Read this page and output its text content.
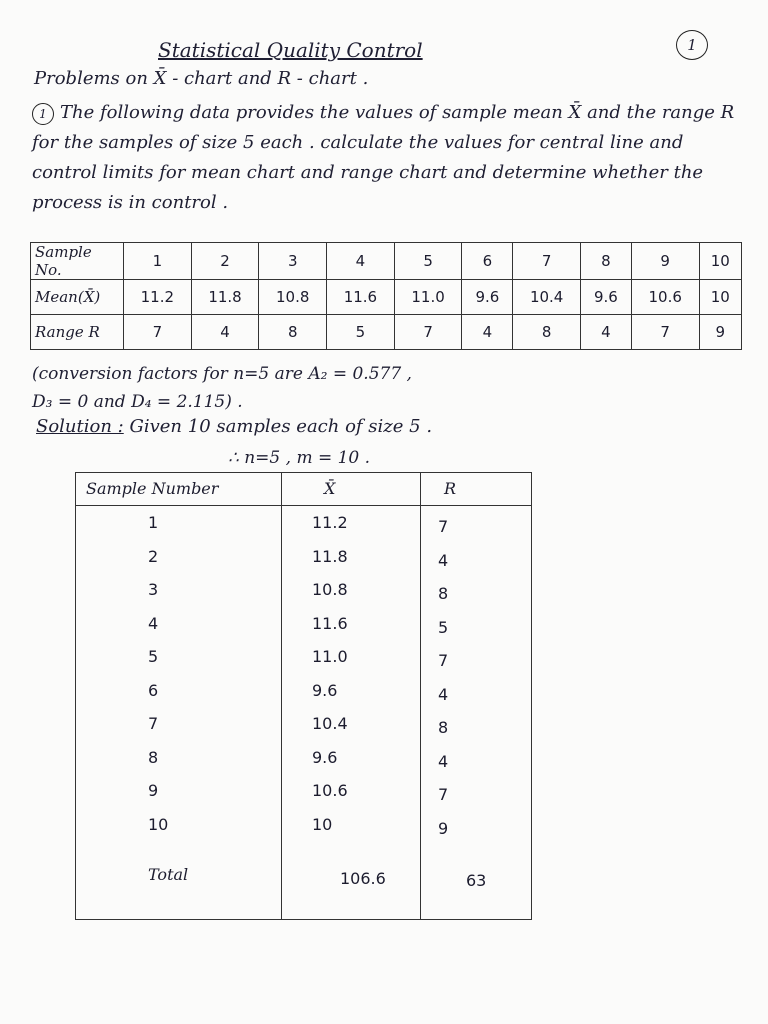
Statistical Quality Control	1
Problems on X̄ - chart and R - chart .
1 The following data provides the values of sample mean X̄ and the range R for the samples of size 5 each . calculate the values for central line and control limits for mean chart and range chart and determine whether the process is in control .
Sample No.	1	2	3	4	5	6	7	8	9	10
Mean(X̄)	11.2	11.8	10.8	11.6	11.0	9.6	10.4	9.6	10.6	10
Range R	7	4	8	5	7	4	8	4	7	9
(conversion factors for n=5 are A₂ = 0.577 ,
D₃ = 0 and D₄ = 2.115) .
Solution : Given 10 samples each of size 5 .
∴ n=5 , m = 10 .
Sample Number	X̄	R
1	11.2	7
2	11.8	4
3	10.8	8
4	11.6	5
5	11.0	7
6	9.6	4
7	10.4	8
8	9.6	4
9	10.6	7
10	10	9
Total	106.6	63
